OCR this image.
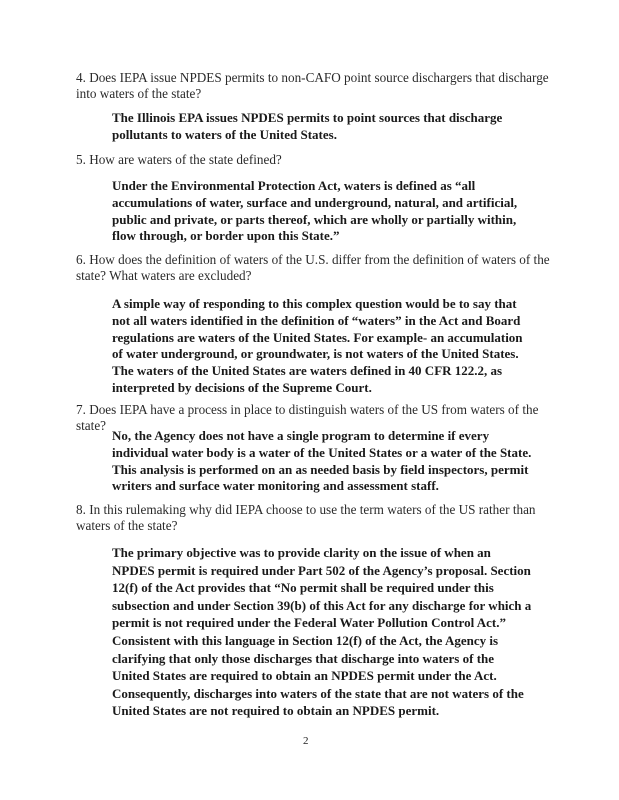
4. Does IEPA issue NPDES permits to non-CAFO point source dischargers that discharge into waters of the state?

The Illinois EPA issues NPDES permits to point sources that discharge pollutants to waters of the United States.

5. How are waters of the state defined?

Under the Environmental Protection Act, waters is defined as “all accumulations of water, surface and underground, natural, and artificial, public and private, or parts thereof, which are wholly or partially within, flow through, or border upon this State.”

6. How does the definition of waters of the U.S. differ from the definition of waters of the state? What waters are excluded?

A simple way of responding to this complex question would be to say that not all waters identified in the definition of “waters” in the Act and Board regulations are waters of the United States. For example- an accumulation of water underground, or groundwater, is not waters of the United States. The waters of the United States are waters defined in 40 CFR 122.2, as interpreted by decisions of the Supreme Court.

7. Does IEPA have a process in place to distinguish waters of the US from waters of the state?

No, the Agency does not have a single program to determine if every individual water body is a water of the United States or a water of the State. This analysis is performed on an as needed basis by field inspectors, permit writers and surface water monitoring and assessment staff.

8. In this rulemaking why did IEPA choose to use the term waters of the US rather than waters of the state?

The primary objective was to provide clarity on the issue of when an NPDES permit is required under Part 502 of the Agency’s proposal. Section 12(f) of the Act provides that “No permit shall be required under this subsection and under Section 39(b) of this Act for any discharge for which a permit is not required under the Federal Water Pollution Control Act.” Consistent with this language in Section 12(f) of the Act, the Agency is clarifying that only those discharges that discharge into waters of the United States are required to obtain an NPDES permit under the Act. Consequently, discharges into waters of the state that are not waters of the United States are not required to obtain an NPDES permit.

2
